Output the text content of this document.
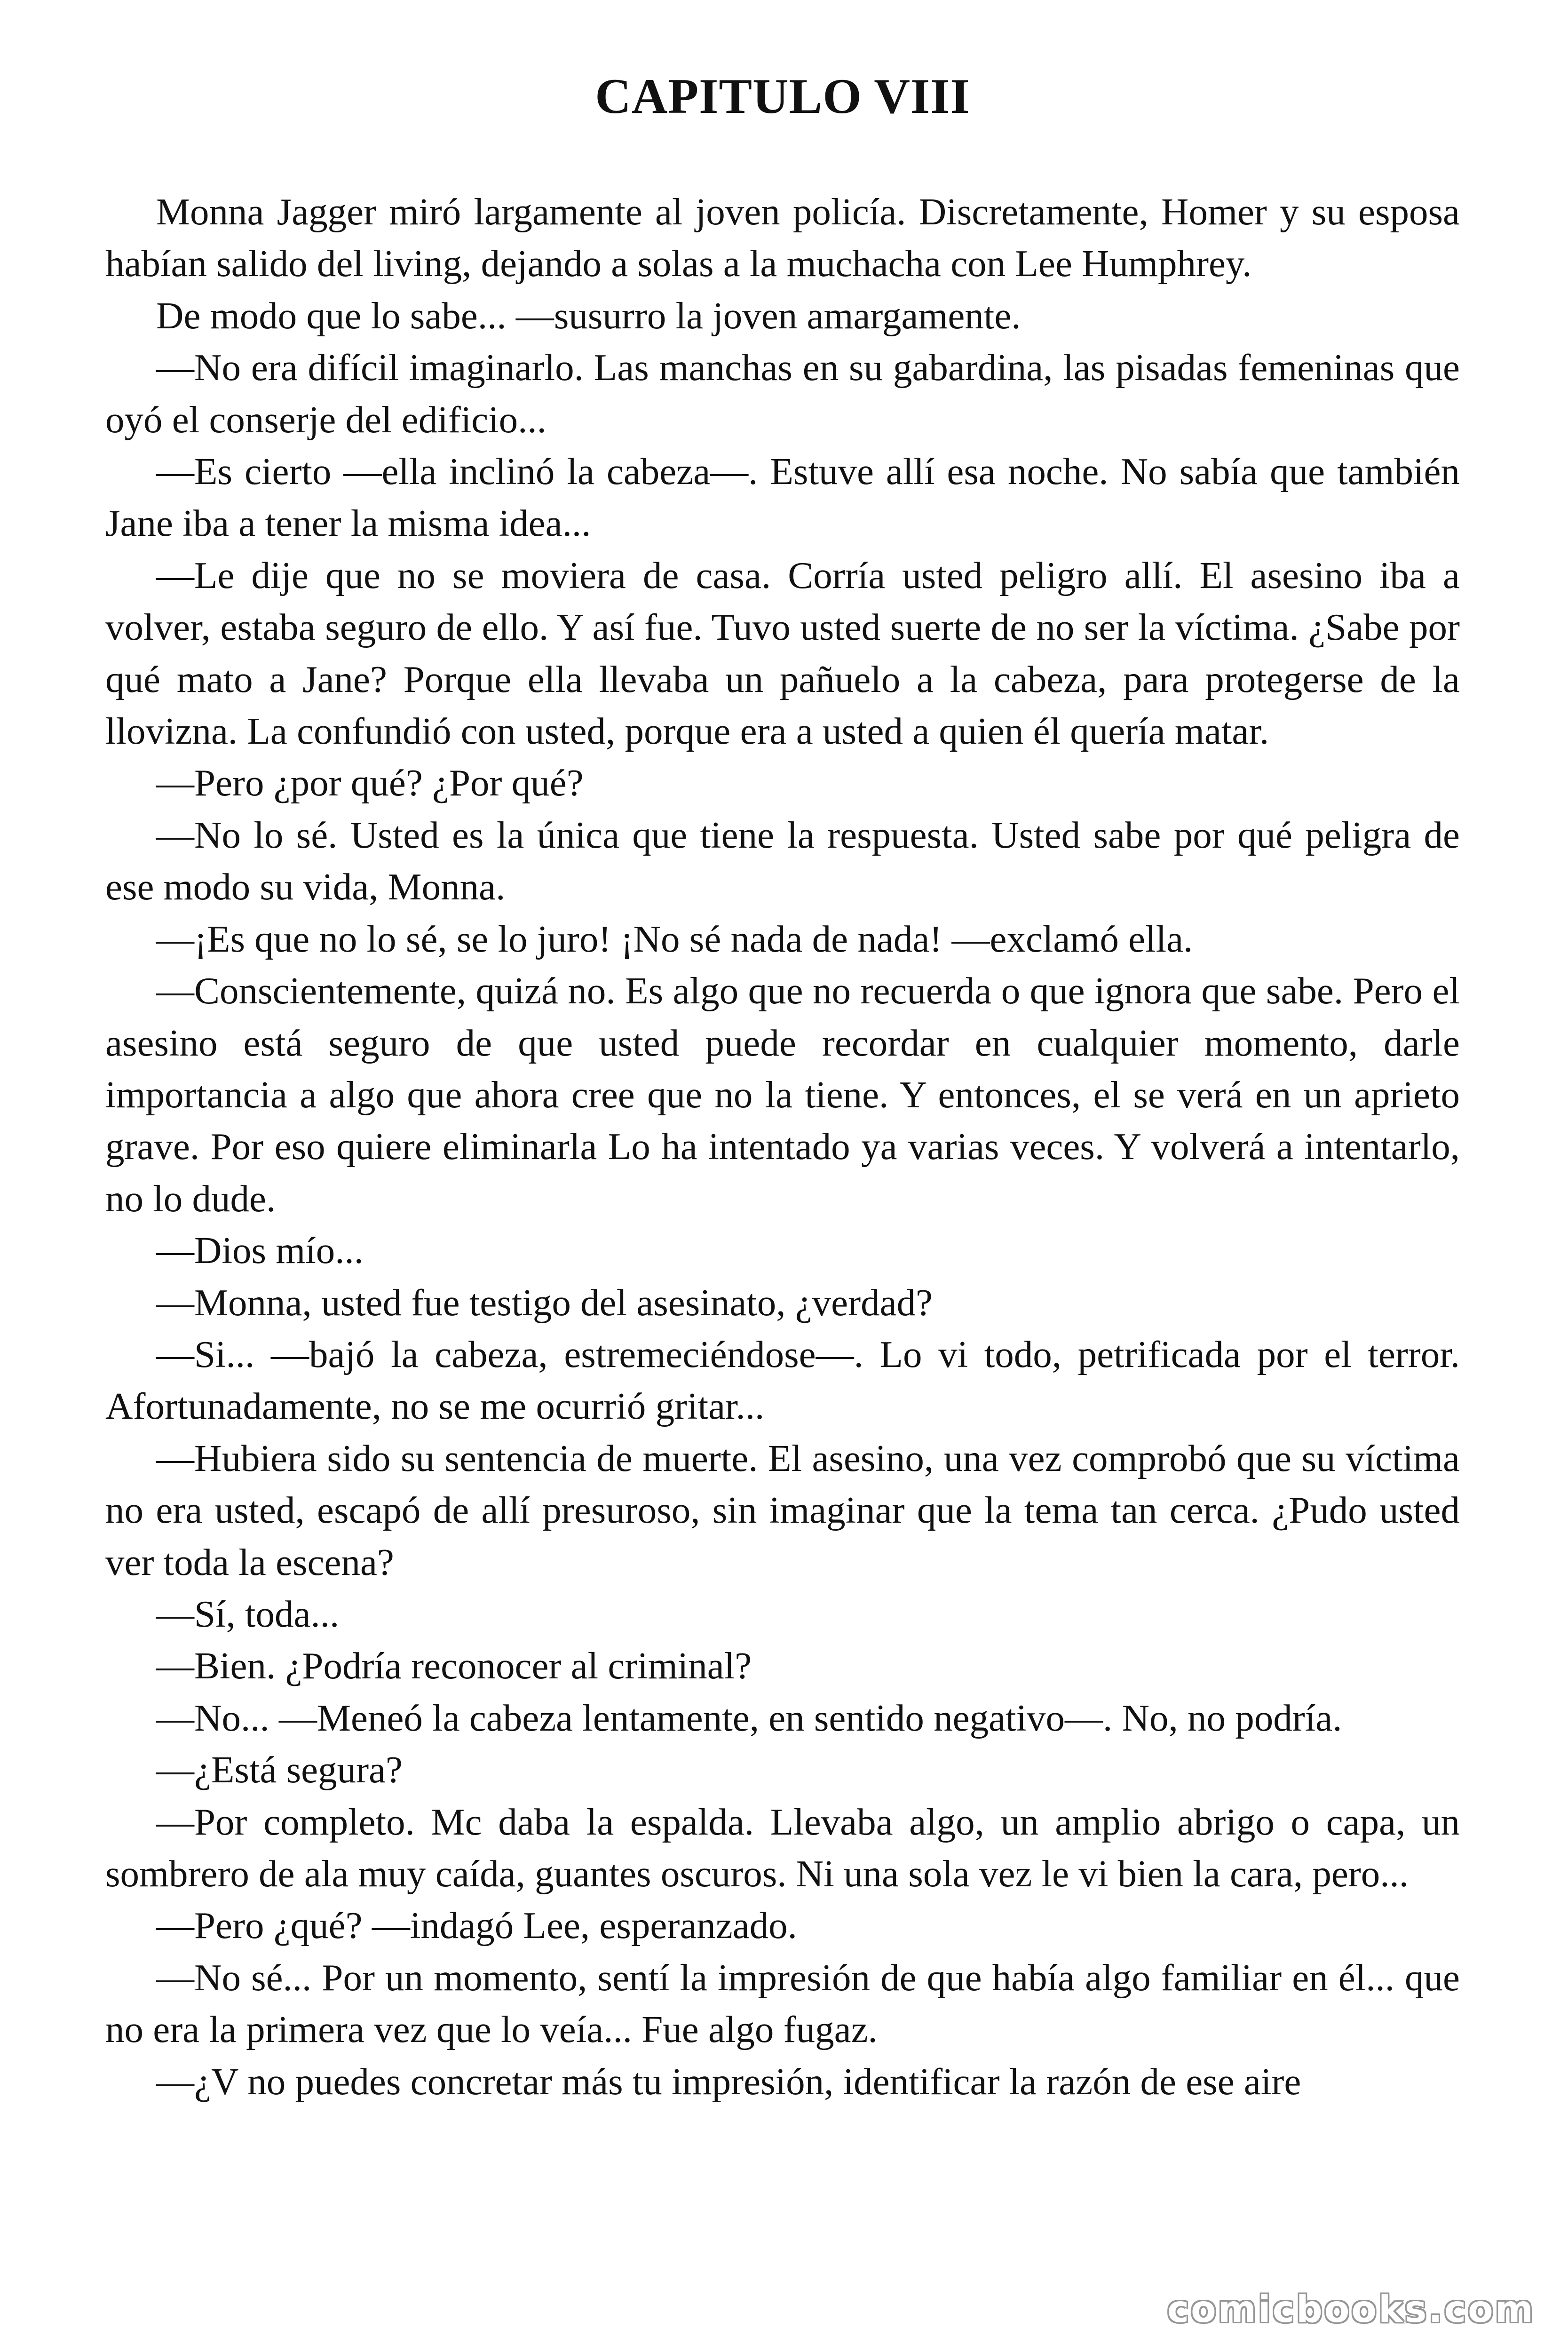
CAPITULO VIII

Monna Jagger miró largamente al joven policía. Discretamente, Homer y su esposa habían salido del living, dejando a solas a la muchacha con Lee Humphrey.

De modo que lo sabe... —susurro la joven amargamente.

—No era difícil imaginarlo. Las manchas en su gabardina, las pisadas femeninas que oyó el conserje del edificio...

—Es cierto —ella inclinó la cabeza—. Estuve allí esa noche. No sabía que también Jane iba a tener la misma idea...

—Le dije que no se moviera de casa. Corría usted peligro allí. El asesino iba a volver, estaba seguro de ello. Y así fue. Tuvo usted suerte de no ser la víctima. ¿Sabe por qué mato a Jane? Porque ella llevaba un pañuelo a la cabeza, para protegerse de la llovizna. La confundió con usted, porque era a usted a quien él quería matar.

—Pero ¿por qué? ¿Por qué?

—No lo sé. Usted es la única que tiene la respuesta. Usted sabe por qué peligra de ese modo su vida, Monna.

—¡Es que no lo sé, se lo juro! ¡No sé nada de nada! —exclamó ella.

—Conscientemente, quizá no. Es algo que no recuerda o que ignora que sabe. Pero el asesino está seguro de que usted puede recordar en cualquier momento, darle importancia a algo que ahora cree que no la tiene. Y entonces, el se verá en un aprieto grave. Por eso quiere eliminarla Lo ha intentado ya varias veces. Y volverá a intentarlo, no lo dude.

—Dios mío...

—Monna, usted fue testigo del asesinato, ¿verdad?

—Si... —bajó la cabeza, estremeciéndose—. Lo vi todo, petrificada por el terror. Afortunadamente, no se me ocurrió gritar...

—Hubiera sido su sentencia de muerte. El asesino, una vez comprobó que su víctima no era usted, escapó de allí presuroso, sin imaginar que la tema tan cerca. ¿Pudo usted ver toda la escena?

—Sí, toda...

—Bien. ¿Podría reconocer al criminal?

—No... —Meneó la cabeza lentamente, en sentido negativo—. No, no podría.

—¿Está segura?

—Por completo. Mc daba la espalda. Llevaba algo, un amplio abrigo o capa, un sombrero de ala muy caída, guantes oscuros. Ni una sola vez le vi bien la cara, pero...

—Pero ¿qué? —indagó Lee, esperanzado.

—No sé... Por un momento, sentí la impresión de que había algo familiar en él... que no era la primera vez que lo veía... Fue algo fugaz.

—¿V no puedes concretar más tu impresión, identificar la razón de ese aire

comicbooks.com
